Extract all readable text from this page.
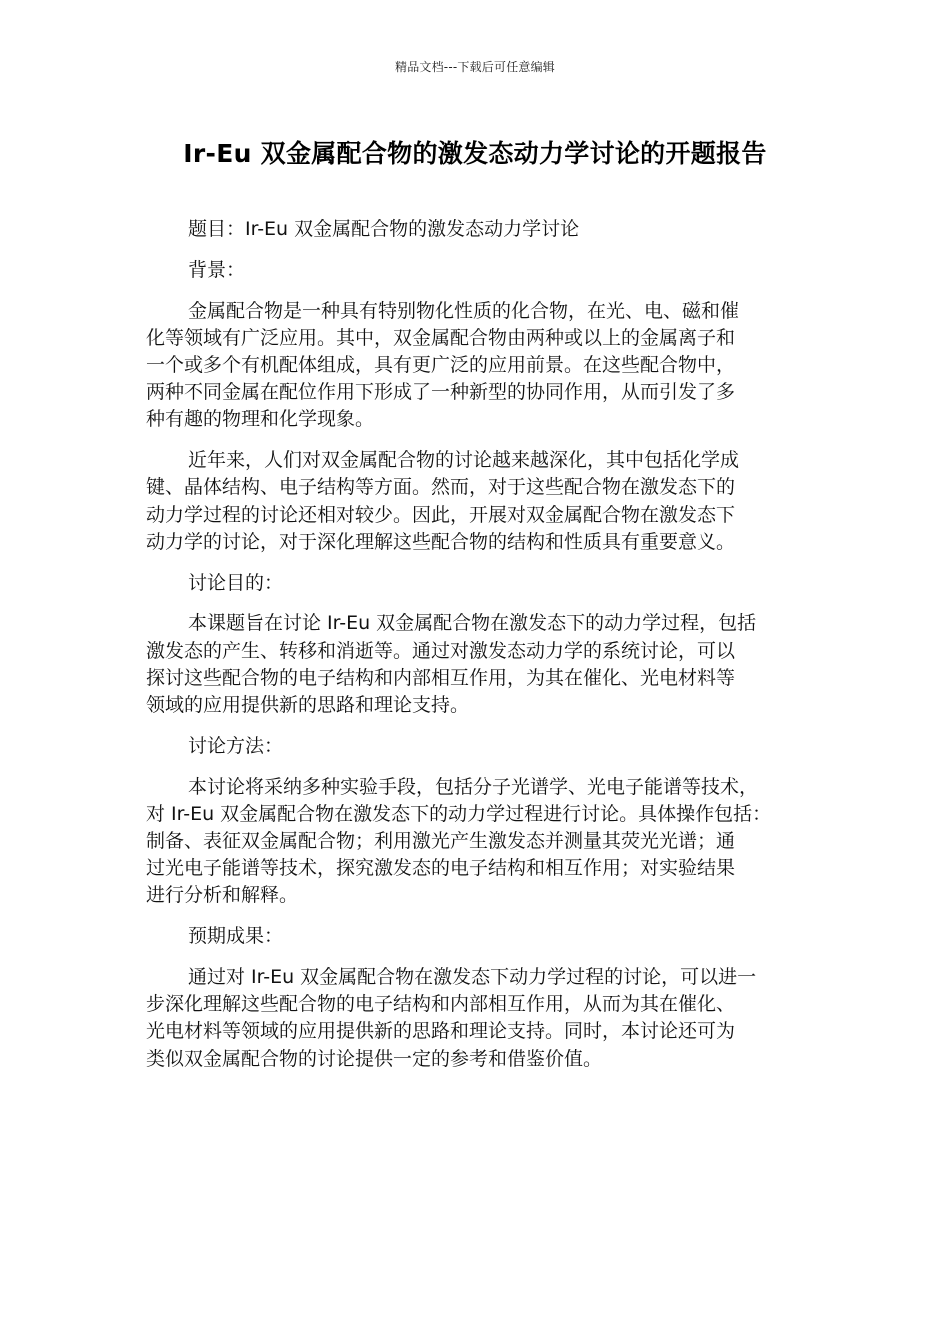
精品文档---下载后可任意编辑
Ir-Eu 双金属配合物的激发态动力学讨论的开题报告
题目：Ir-Eu 双金属配合物的激发态动力学讨论
背景：
金属配合物是一种具有特别物化性质的化合物，在光、电、磁和催
化等领域有广泛应用。其中，双金属配合物由两种或以上的金属离子和
一个或多个有机配体组成，具有更广泛的应用前景。在这些配合物中，
两种不同金属在配位作用下形成了一种新型的协同作用，从而引发了多
种有趣的物理和化学现象。
近年来，人们对双金属配合物的讨论越来越深化，其中包括化学成
键、晶体结构、电子结构等方面。然而，对于这些配合物在激发态下的
动力学过程的讨论还相对较少。因此，开展对双金属配合物在激发态下
动力学的讨论，对于深化理解这些配合物的结构和性质具有重要意义。
讨论目的：
本课题旨在讨论 Ir-Eu 双金属配合物在激发态下的动力学过程，包括
激发态的产生、转移和消逝等。通过对激发态动力学的系统讨论，可以
探讨这些配合物的电子结构和内部相互作用，为其在催化、光电材料等
领域的应用提供新的思路和理论支持。
讨论方法：
本讨论将采纳多种实验手段，包括分子光谱学、光电子能谱等技术，
对 Ir-Eu 双金属配合物在激发态下的动力学过程进行讨论。具体操作包括：
制备、表征双金属配合物；利用激光产生激发态并测量其荧光光谱；通
过光电子能谱等技术，探究激发态的电子结构和相互作用；对实验结果
进行分析和解释。
预期成果：
通过对 Ir-Eu 双金属配合物在激发态下动力学过程的讨论，可以进一
步深化理解这些配合物的电子结构和内部相互作用，从而为其在催化、
光电材料等领域的应用提供新的思路和理论支持。同时，本讨论还可为
类似双金属配合物的讨论提供一定的参考和借鉴价值。
